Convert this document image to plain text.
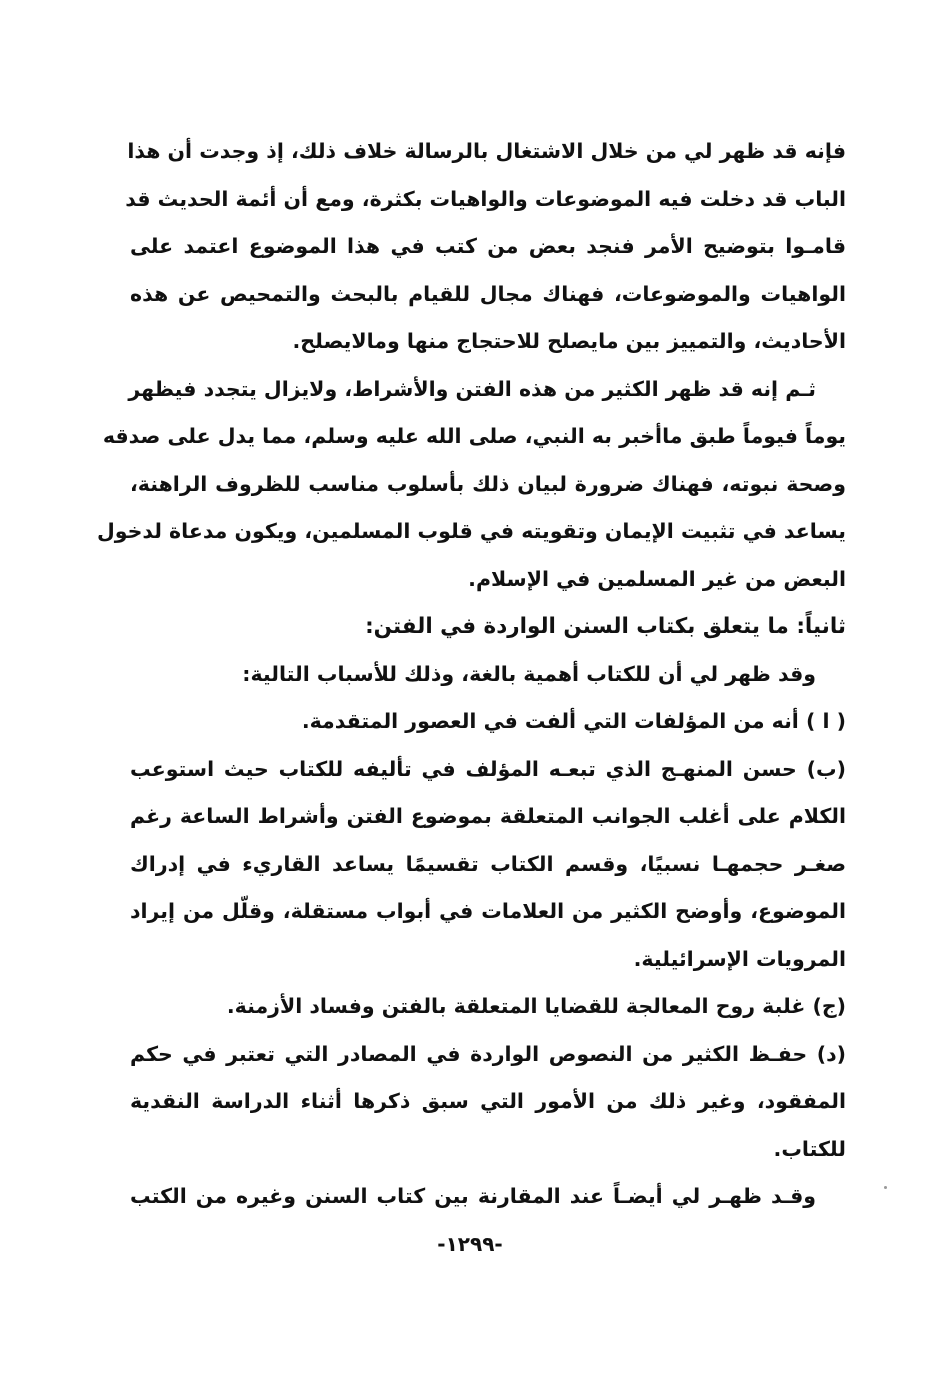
فإنه قد ظهر لي من خلال الاشتغال بالرسالة خلاف ذلك، إذ وجدت أن هذا
الباب قد دخلت فيه الموضوعات والواهيات بكثرة، ومع أن أئمة الحديث قد
قامـوا بتوضيح الأمر فنجد بعض من كتب في هذا الموضوع اعتمد على
الواهيات والموضوعات، فهناك مجال للقيام بالبحث والتمحيص عن هذه
الأحاديث، والتمييز بين مايصلح للاحتجاج منها ومالايصلح.
ثـم إنه قد ظهر الكثير من هذه الفتن والأشراط، ولايزال يتجدد فيظهر
يوماً فيوماً طبق ماأخبر به النبي، صلى الله عليه وسلم، مما يدل على صدقه
وصحة نبوته، فهناك ضرورة لبيان ذلك بأسلوب مناسب للظروف الراهنة،
يساعد في تثبيت الإيمان وتقويته في قلوب المسلمين، ويكون مدعاة لدخول
البعض من غير المسلمين في الإسلام.
ثانياً: ما يتعلق بكتاب السنن الواردة في الفتن:
وقد ظهر لي أن للكتاب أهمية بالغة، وذلك للأسباب التالية:
( ا ) أنه من المؤلفات التي ألفت في العصور المتقدمة.
(ب) حسن المنهـج الذي تبعـه المؤلف في تأليفه للكتاب حيث استوعب
الكلام على أغلب الجوانب المتعلقة بموضوع الفتن وأشراط الساعة رغم
صغـر حجمهـا نسبيًا، وقسم الكتاب تقسيمًا يساعد القاريء في إدراك
الموضوع، وأوضح الكثير من العلامات في أبواب مستقلة، وقلّل من إيراد
المرويات الإسرائيلية.
(ج) غلبة روح المعالجة للقضايا المتعلقة بالفتن وفساد الأزمنة.
(د) حفـظ الكثير من النصوص الواردة في المصادر التي تعتبر في حكم
المفقود، وغير ذلك من الأمور التي سبق ذكرها أثناء الدراسة النقدية
للكتاب.
وقـد ظهـر لي أيضـاً عند المقارنة بين كتاب السنن وغيره من الكتب
-١٢٩٩-
